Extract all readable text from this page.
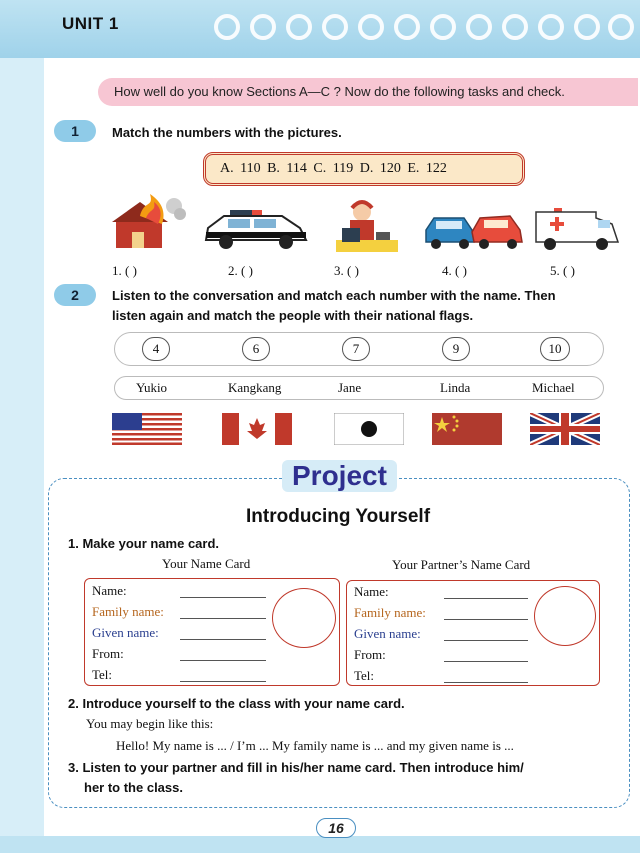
UNIT 1
How well do you know Sections A—C ? Now do the following tasks and check.
1	Match the numbers with the pictures.
A. 110 B. 114 C. 119 D. 120 E. 122
1. ( )	2. ( )	3. ( )	4. ( )	5. ( )
2	Listen to the conversation and match each number with the name. Then
listen again and match the people with their national flags.
4	6	7	9	10
Yukio	Kangkang	Jane	Linda	Michael
Project
Introducing Yourself
1. Make your name card.
Your Name Card	Your Partner’s Name Card
Name:
Family name:
Given name:
From:
Tel:
Name:
Family name:
Given name:
From:
Tel:
2. Introduce yourself to the class with your name card.
You may begin like this:
Hello! My name is ... / I’m ... My family name is ... and my given name is ...
3. Listen to your partner and fill in his/her name card. Then introduce him/
her to the class.
16
